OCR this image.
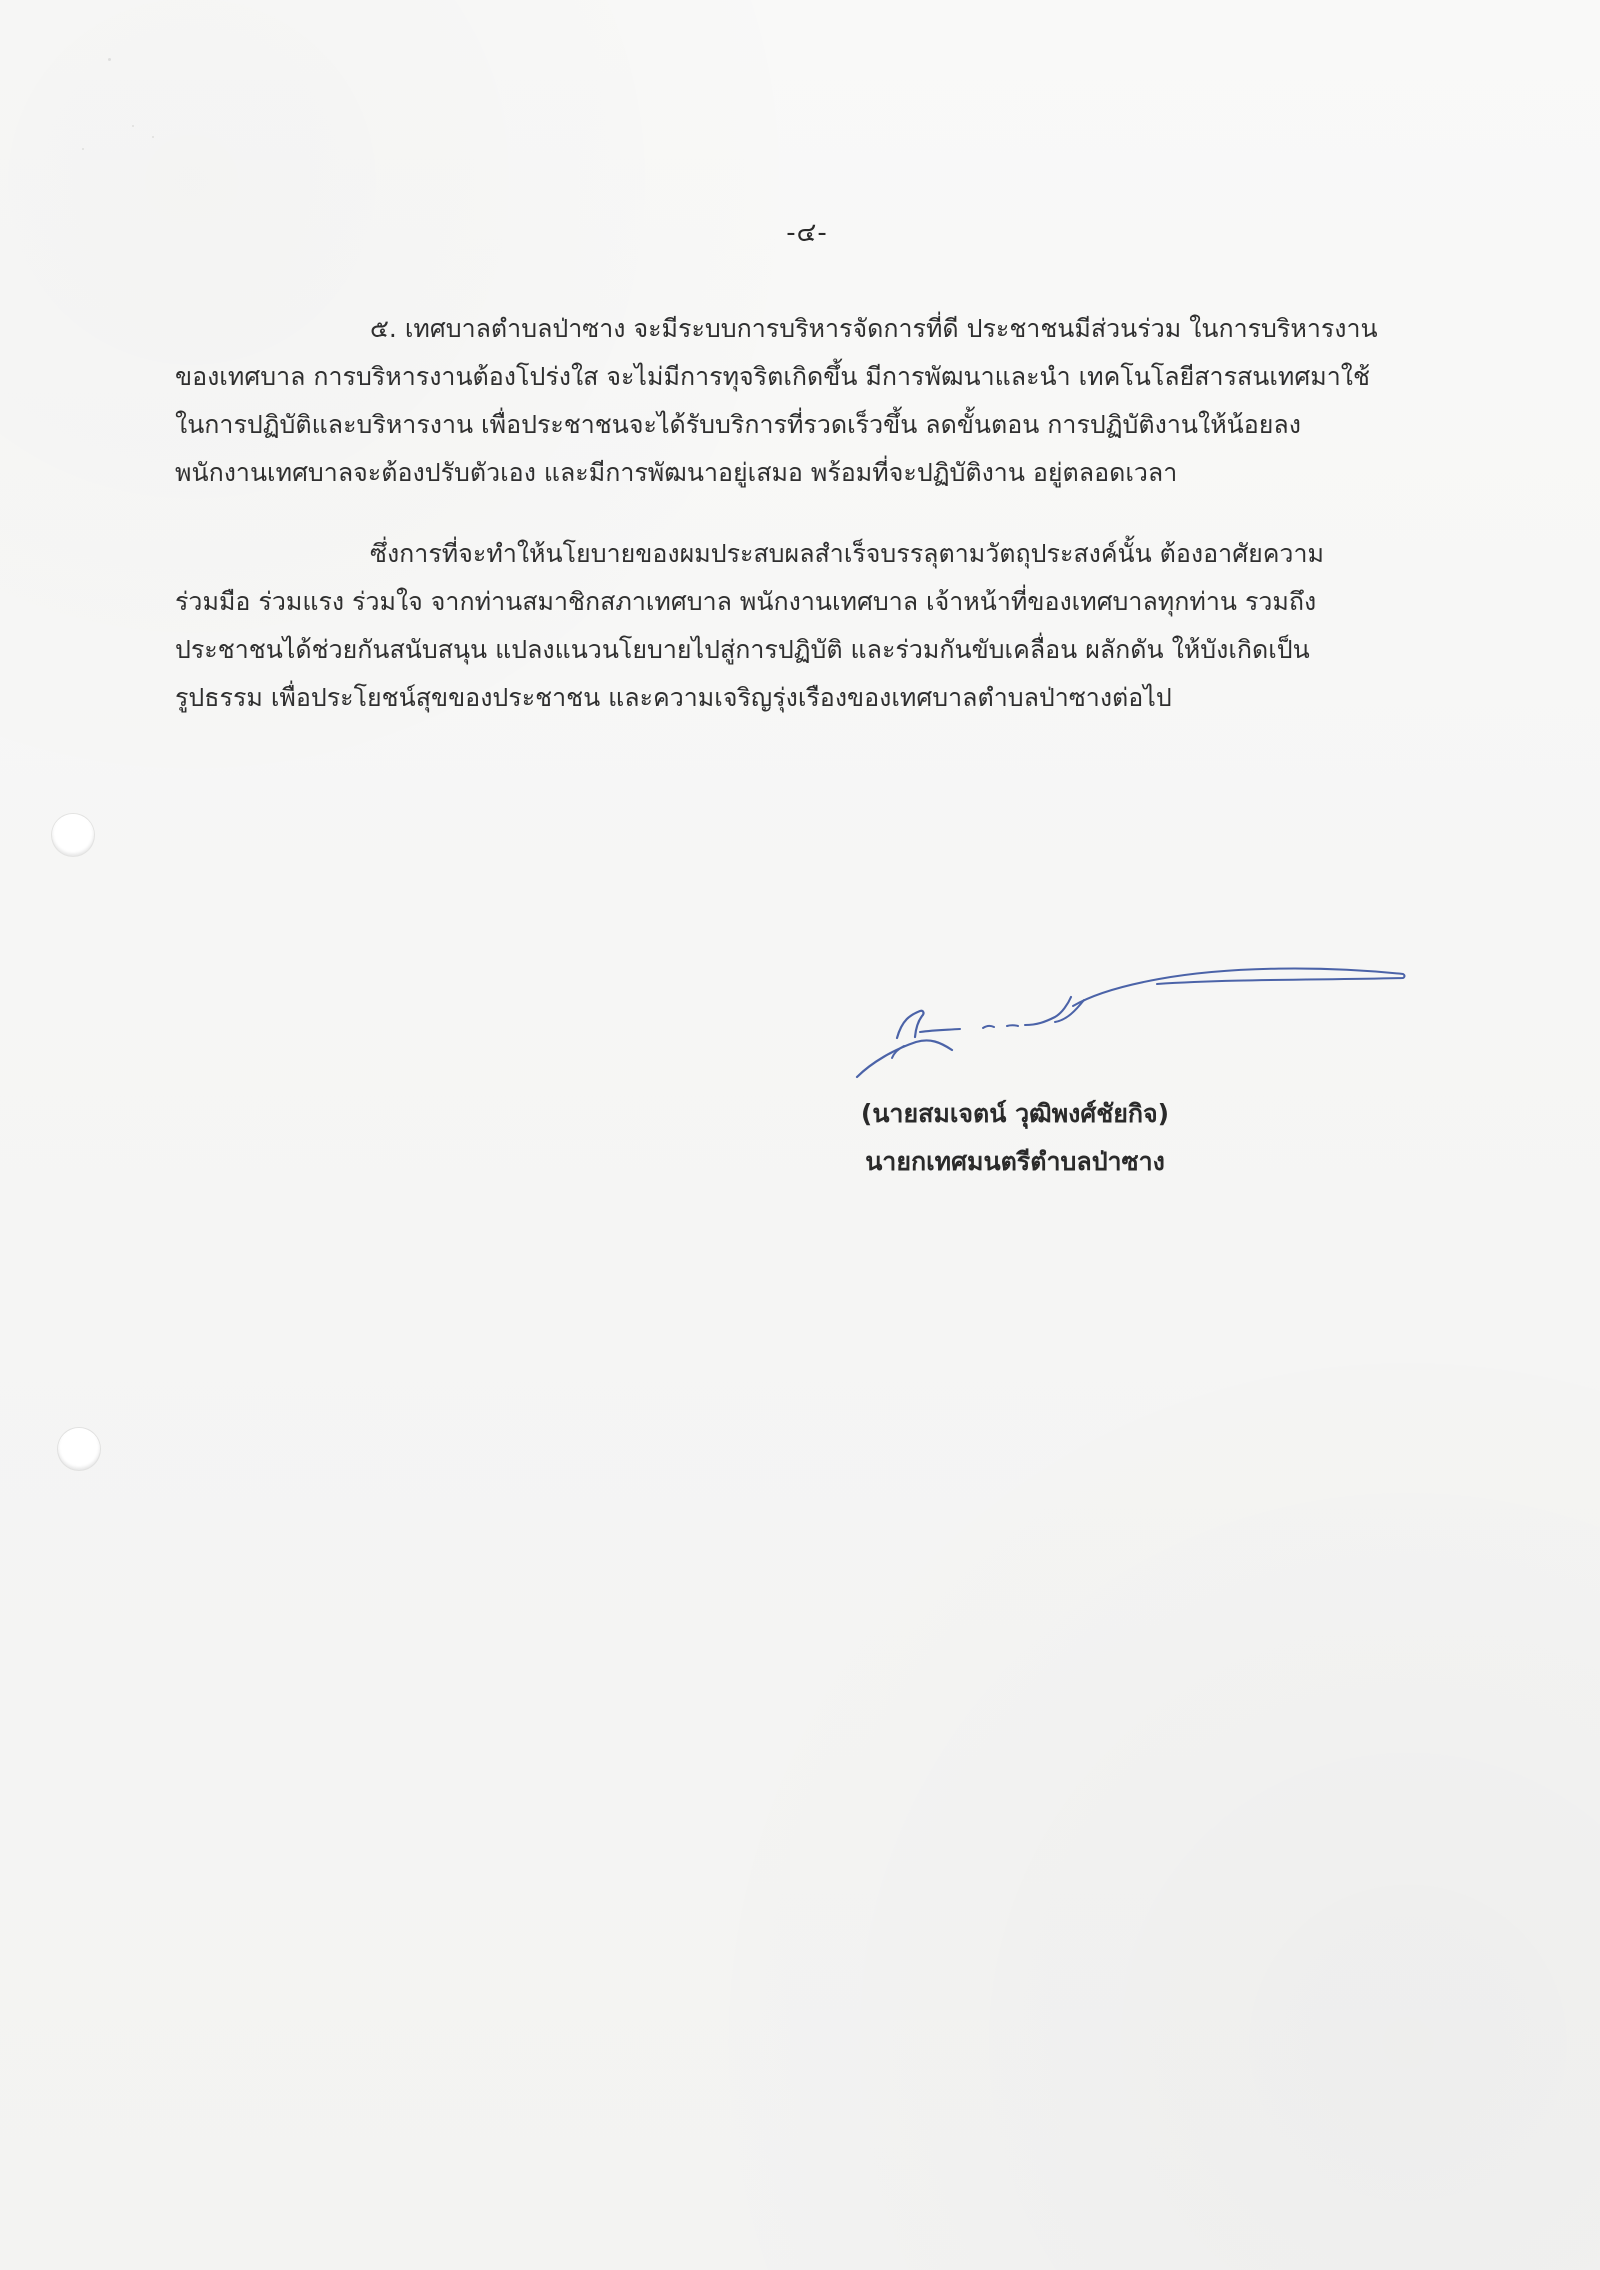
-๔-

๕. เทศบาลตำบลป่าซาง จะมีระบบการบริหารจัดการที่ดี ประชาชนมีส่วนร่วม ในการบริหารงาน

ของเทศบาล การบริหารงานต้องโปร่งใส จะไม่มีการทุจริตเกิดขึ้น มีการพัฒนาและนำ เทคโนโลยีสารสนเทศมาใช้

ในการปฏิบัติและบริหารงาน เพื่อประชาชนจะได้รับบริการที่รวดเร็วขึ้น ลดขั้นตอน การปฏิบัติงานให้น้อยลง

พนักงานเทศบาลจะต้องปรับตัวเอง และมีการพัฒนาอยู่เสมอ พร้อมที่จะปฏิบัติงาน อยู่ตลอดเวลา

ซึ่งการที่จะทำให้นโยบายของผมประสบผลสำเร็จบรรลุตามวัตถุประสงค์นั้น ต้องอาศัยความ

ร่วมมือ ร่วมแรง ร่วมใจ จากท่านสมาชิกสภาเทศบาล พนักงานเทศบาล เจ้าหน้าที่ของเทศบาลทุกท่าน รวมถึง

ประชาชนได้ช่วยกันสนับสนุน แปลงแนวนโยบายไปสู่การปฏิบัติ และร่วมกันขับเคลื่อน ผลักดัน ให้บังเกิดเป็น

รูปธรรม เพื่อประโยชน์สุขของประชาชน และความเจริญรุ่งเรืองของเทศบาลตำบลป่าซางต่อไป

(นายสมเจตน์ วุฒิพงศ์ชัยกิจ)
นายกเทศมนตรีตำบลป่าซาง
